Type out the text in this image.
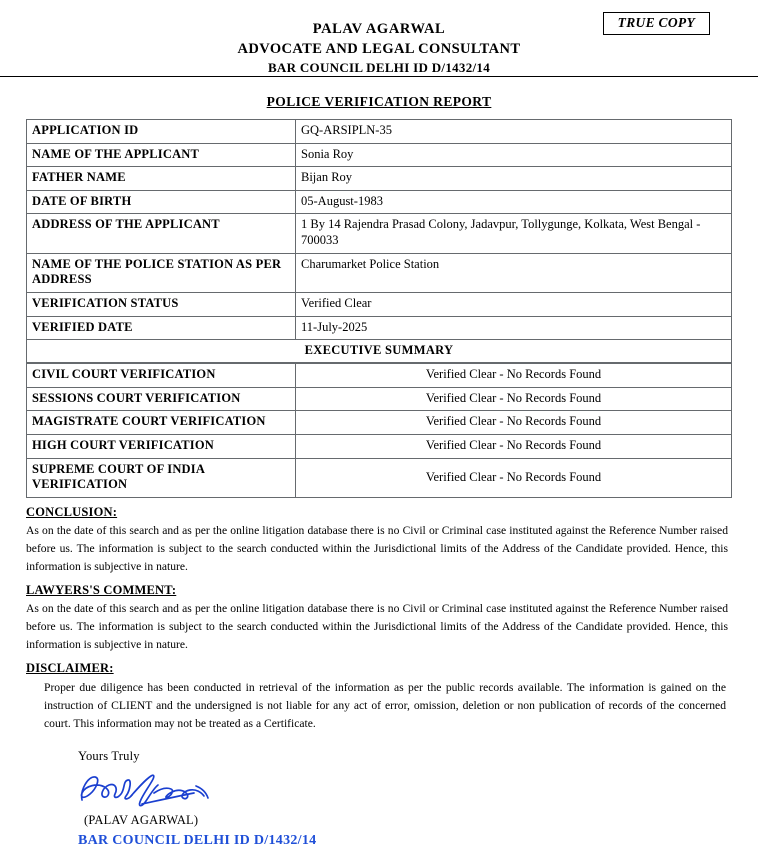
TRUE COPY
PALAV AGARWAL
ADVOCATE AND LEGAL CONSULTANT
BAR COUNCIL DELHI ID D/1432/14
POLICE VERIFICATION REPORT
APPLICATION ID	GQ-ARSIPLN-35
NAME OF THE APPLICANT	Sonia Roy
FATHER NAME	Bijan Roy
DATE OF BIRTH	05-August-1983
ADDRESS OF THE APPLICANT	1 By 14 Rajendra Prasad Colony, Jadavpur, Tollygunge, Kolkata, West Bengal - 700033
NAME OF THE POLICE STATION AS PER ADDRESS	Charumarket Police Station
VERIFICATION STATUS	Verified Clear
VERIFIED DATE	11-July-2025
EXECUTIVE SUMMARY
CIVIL COURT VERIFICATION	Verified Clear - No Records Found
SESSIONS COURT VERIFICATION	Verified Clear - No Records Found
MAGISTRATE COURT VERIFICATION	Verified Clear - No Records Found
HIGH COURT VERIFICATION	Verified Clear - No Records Found
SUPREME COURT OF INDIA VERIFICATION	Verified Clear - No Records Found
CONCLUSION:
As on the date of this search and as per the online litigation database there is no Civil or Criminal case instituted against the Reference Number raised before us. The information is subject to the search conducted within the Jurisdictional limits of the Address of the Candidate provided. Hence, this information is subjective in nature.
LAWYERS'S COMMENT:
As on the date of this search and as per the online litigation database there is no Civil or Criminal case instituted against the Reference Number raised before us. The information is subject to the search conducted within the Jurisdictional limits of the Address of the Candidate provided. Hence, this information is subjective in nature.
DISCLAIMER:
Proper due diligence has been conducted in retrieval of the information as per the public records available. The information is gained on the instruction of CLIENT and the undersigned is not liable for any act of error, omission, deletion or non publication of records of the concerned court. This information may not be treated as a Certificate.
Yours Truly
(PALAV AGARWAL)
BAR COUNCIL DELHI ID D/1432/14
